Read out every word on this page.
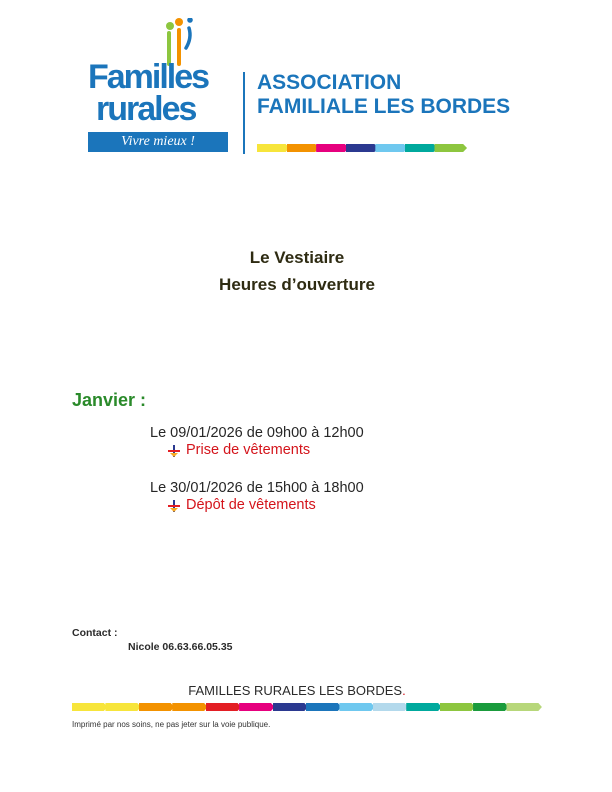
Familles
rurales
Vivre mieux !
ASSOCIATION
FAMILIALE LES BORDES
Le Vestiaire
Heures d’ouverture
Janvier :
Le 09/01/2026 de 09h00 à 12h00
Prise de vêtements
Le 30/01/2026 de 15h00 à 18h00
Dépôt de vêtements
Contact :
Nicole 06.63.66.05.35
FAMILLES RURALES LES BORDES.
Imprimé par nos soins, ne pas jeter sur la voie publique.
